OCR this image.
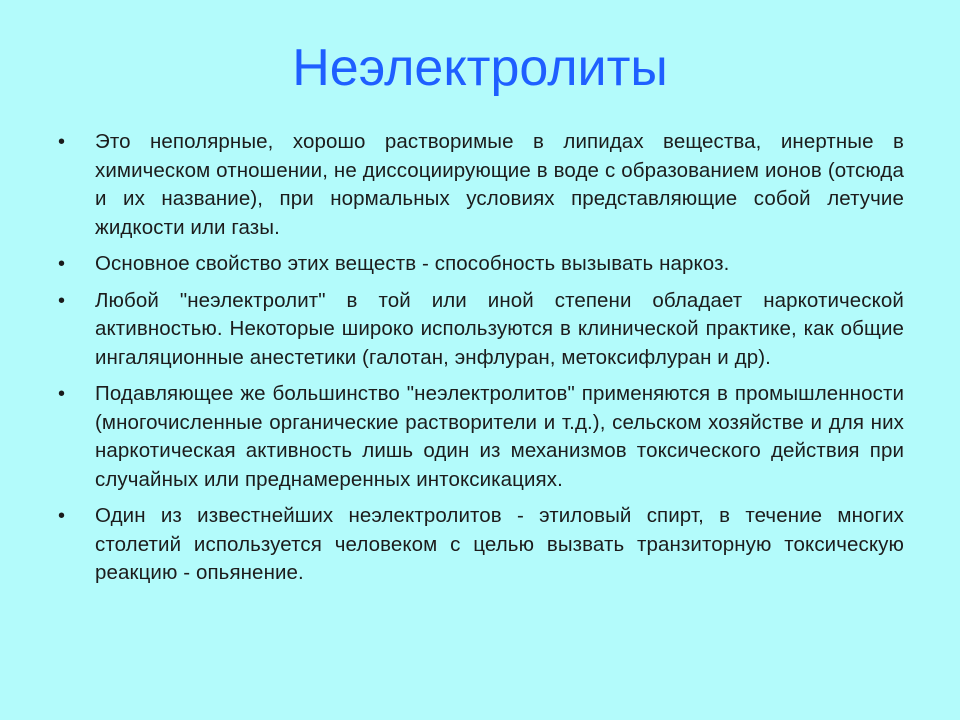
Неэлектролиты
• Это неполярные, хорошо растворимые в липидах вещества, инертные в химическом отношении, не диссоциирующие в воде с образованием ионов (отсюда и их название), при нормальных условиях представляющие собой летучие жидкости или газы.
• Основное свойство этих веществ - способность вызывать наркоз.
• Любой "неэлектролит" в той или иной степени обладает наркотической активностью. Некоторые широко используются в клинической практике, как общие ингаляционные анестетики (галотан, энфлуран, метоксифлуран и др).
• Подавляющее же большинство "неэлектролитов" применяются в промышленности (многочисленные органические растворители и т.д.), сельском хозяйстве и для них наркотическая активность лишь один из механизмов токсического действия при случайных или преднамеренных интоксикациях.
• Один из известнейших неэлектролитов - этиловый спирт, в течение многих столетий используется человеком с целью вызвать транзиторную токсическую реакцию - опьянение.
